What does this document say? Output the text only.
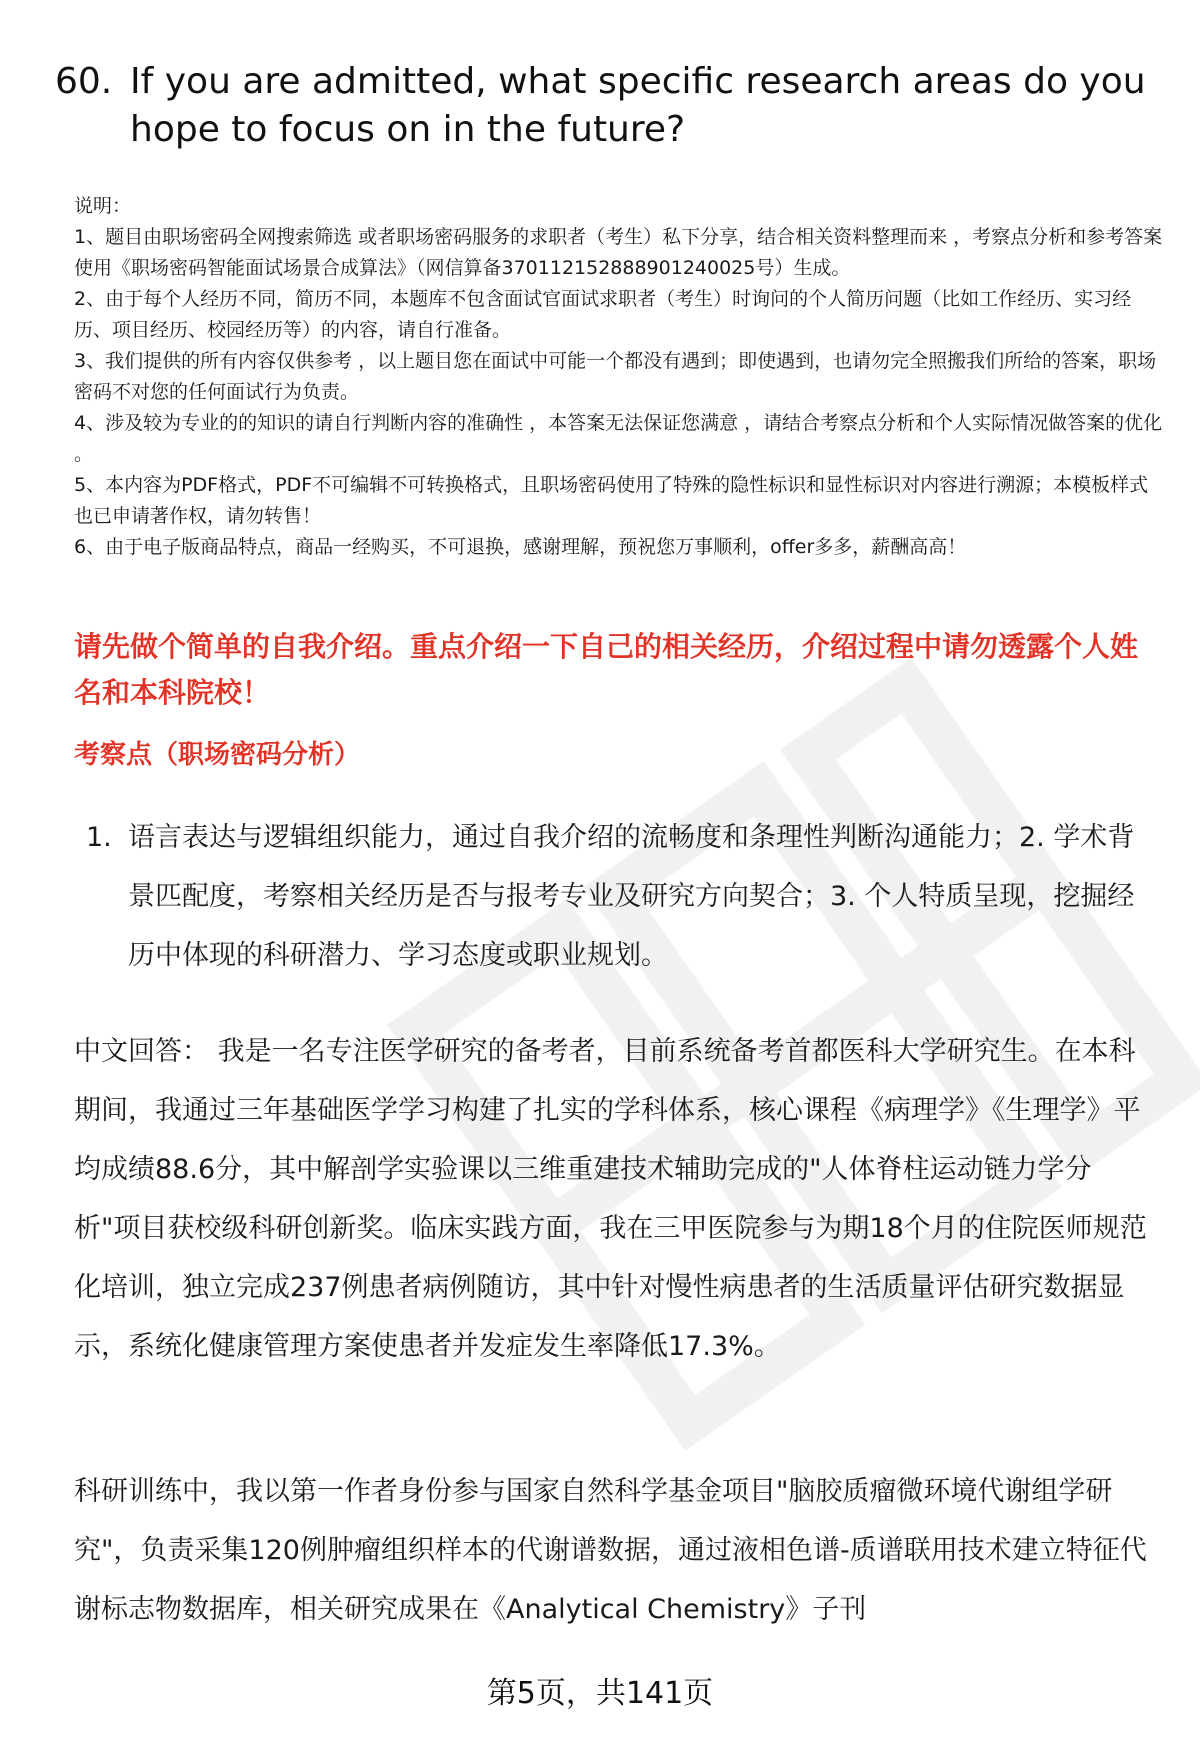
60. If you are admitted, what specific research areas do you hope to focus on in the future?
说明：
1、题目由职场密码全网搜索筛选 或者职场密码服务的求职者（考生）私下分享，结合相关资料整理而来 ，考察点分析和参考答案使用《职场密码智能面试场景合成算法》（网信算备370112152888901240025号）生成。
2、由于每个人经历不同，简历不同，本题库不包含面试官面试求职者（考生）时询问的个人简历问题（比如工作经历、实习经历、项目经历、校园经历等）的内容，请自行准备。
3、我们提供的所有内容仅供参考 ，以上题目您在面试中可能一个都没有遇到；即使遇到，也请勿完全照搬我们所给的答案，职场密码不对您的任何面试行为负责。
4、涉及较为专业的的知识的请自行判断内容的准确性 ，本答案无法保证您满意 ，请结合考察点分析和个人实际情况做答案的优化 。
5、本内容为PDF格式，PDF不可编辑不可转换格式，且职场密码使用了特殊的隐性标识和显性标识对内容进行溯源；本模板样式也已申请著作权，请勿转售！
6、由于电子版商品特点，商品一经购买，不可退换，感谢理解，预祝您万事顺利，offer多多，薪酬高高！
请先做个简单的自我介绍。重点介绍一下自己的相关经历，介绍过程中请勿透露个人姓名和本科院校！
考察点（职场密码分析）
1. 语言表达与逻辑组织能力，通过自我介绍的流畅度和条理性判断沟通能力；2. 学术背景匹配度，考察相关经历是否与报考专业及研究方向契合；3. 个人特质呈现，挖掘经历中体现的科研潜力、学习态度或职业规划。
中文回答： 我是一名专注医学研究的备考者，目前系统备考首都医科大学研究生。在本科期间，我通过三年基础医学学习构建了扎实的学科体系，核心课程《病理学》《生理学》平均成绩88.6分，其中解剖学实验课以三维重建技术辅助完成的"人体脊柱运动链力学分析"项目获校级科研创新奖。临床实践方面，我在三甲医院参与为期18个月的住院医师规范化培训，独立完成237例患者病例随访，其中针对慢性病患者的生活质量评估研究数据显示，系统化健康管理方案使患者并发症发生率降低17.3%。
科研训练中，我以第一作者身份参与国家自然科学基金项目"脑胶质瘤微环境代谢组学研究"，负责采集120例肿瘤组织样本的代谢谱数据，通过液相色谱-质谱联用技术建立特征代谢标志物数据库，相关研究成果在《Analytical Chemistry》子刊
第5页，共141页
